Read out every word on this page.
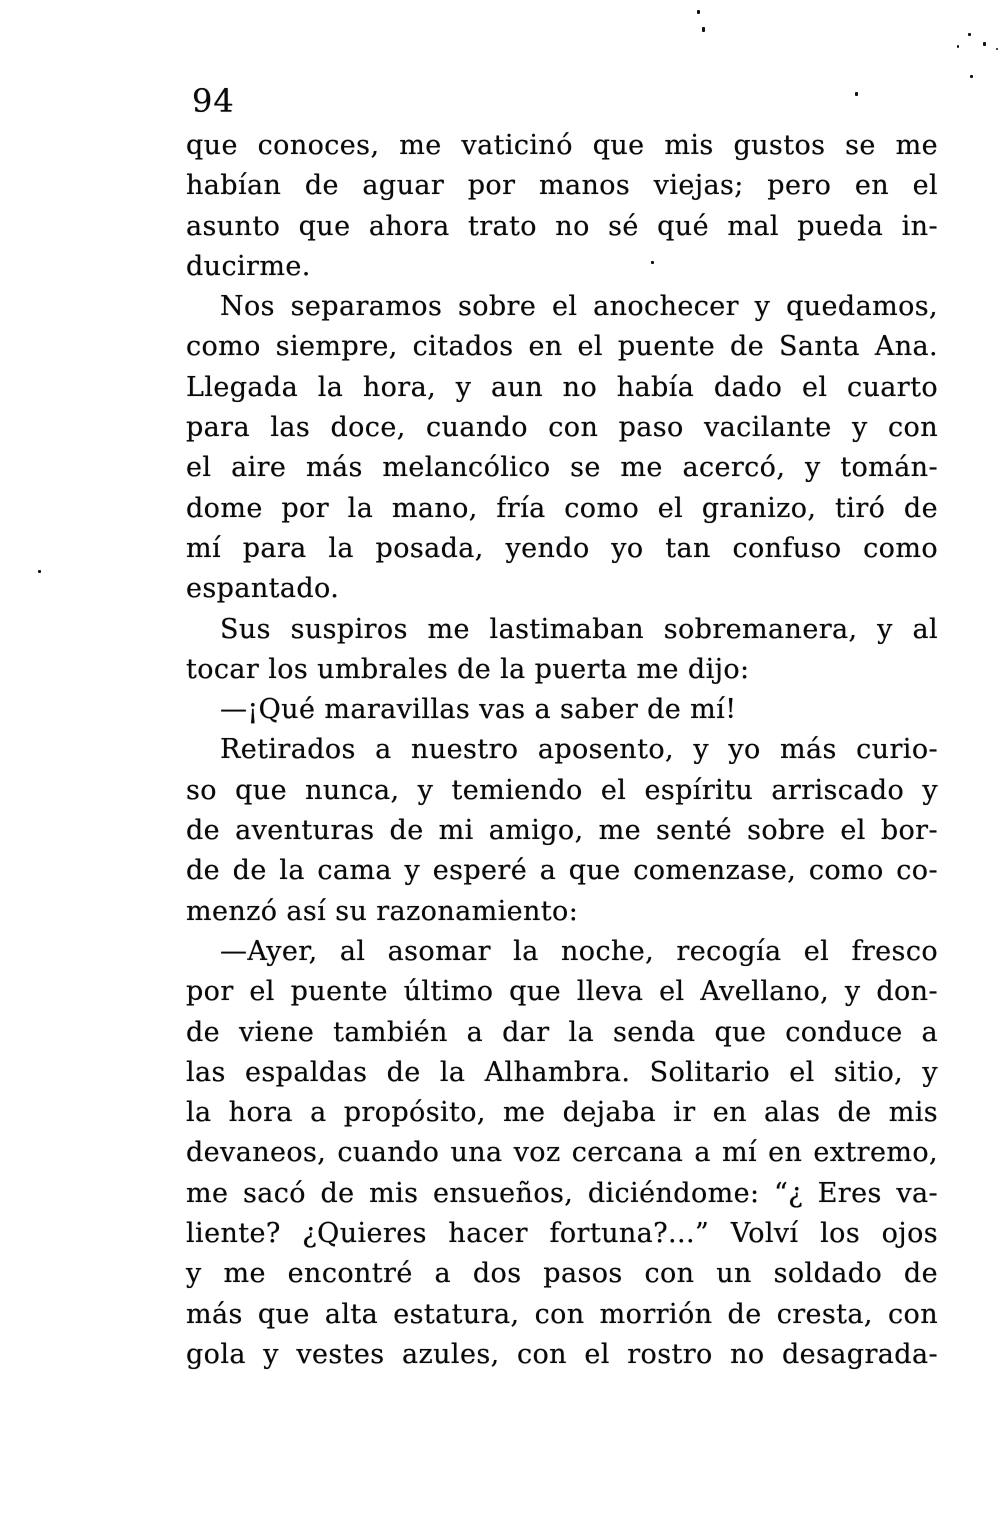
94
que conoces, me vaticinó que mis gustos se me
habían de aguar por manos viejas; pero en el
asunto que ahora trato no sé qué mal pueda in-
ducirme.
Nos separamos sobre el anochecer y quedamos,
como siempre, citados en el puente de Santa Ana.
Llegada la hora, y aun no había dado el cuarto
para las doce, cuando con paso vacilante y con
el aire más melancólico se me acercó, y tomán-
dome por la mano, fría como el granizo, tiró de
mí para la posada, yendo yo tan confuso como
espantado.
Sus suspiros me lastimaban sobremanera, y al
tocar los umbrales de la puerta me dijo:
—¡Qué maravillas vas a saber de mí!
Retirados a nuestro aposento, y yo más curio-
so que nunca, y temiendo el espíritu arriscado y
de aventuras de mi amigo, me senté sobre el bor-
de de la cama y esperé a que comenzase, como co-
menzó así su razonamiento:
—Ayer, al asomar la noche, recogía el fresco
por el puente último que lleva el Avellano, y don-
de viene también a dar la senda que conduce a
las espaldas de la Alhambra. Solitario el sitio, y
la hora a propósito, me dejaba ir en alas de mis
devaneos, cuando una voz cercana a mí en extremo,
me sacó de mis ensueños, diciéndome: “¿ Eres va-
liente? ¿Quieres hacer fortuna?...” Volví los ojos
y me encontré a dos pasos con un soldado de
más que alta estatura, con morrión de cresta, con
gola y vestes azules, con el rostro no desagrada-
